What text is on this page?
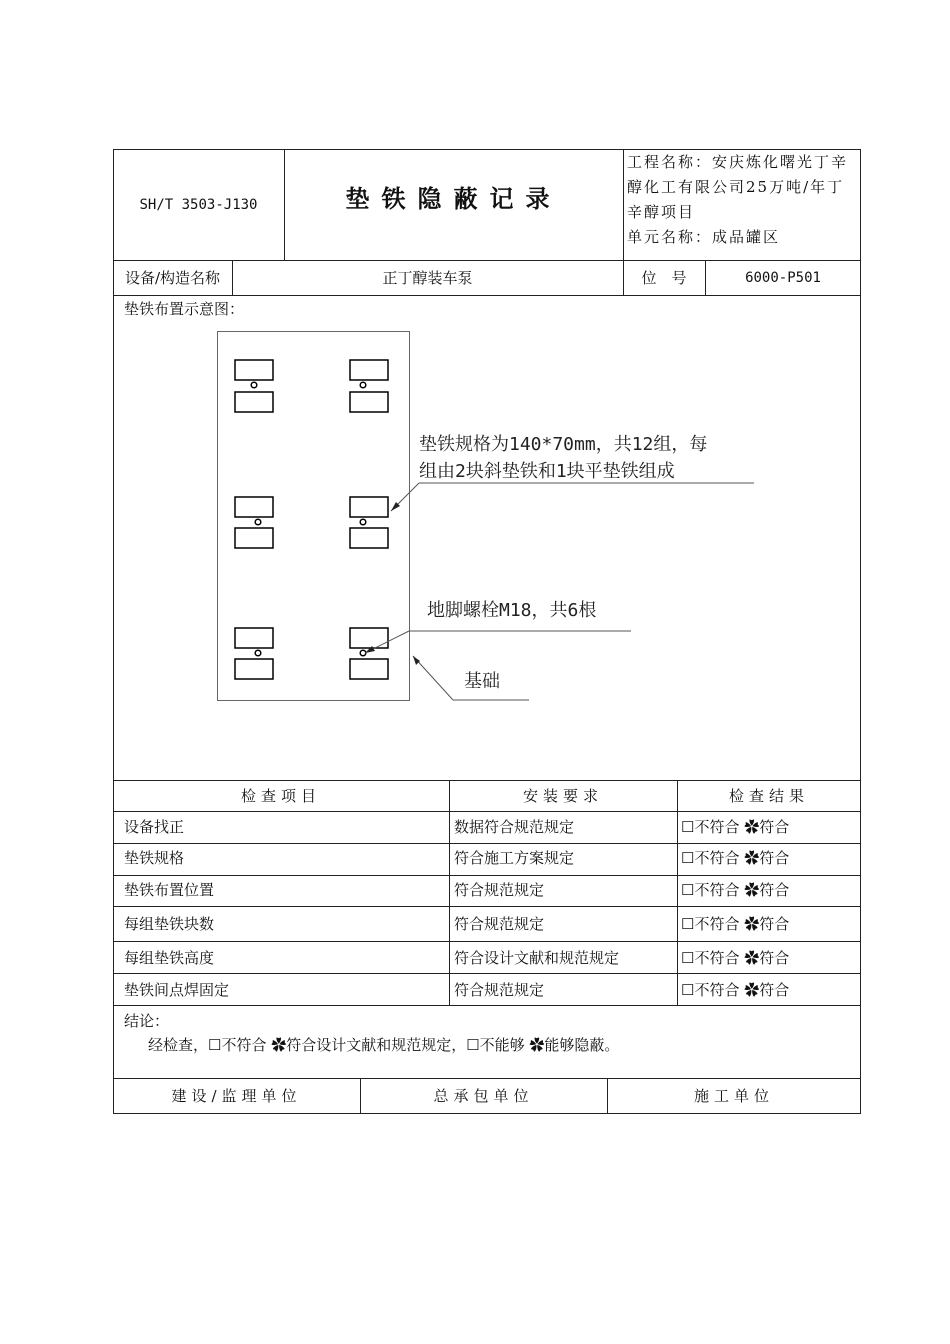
SH/T 3503-J130	垫铁隐蔽记录
工程名称：安庆炼化曙光丁辛
醇化工有限公司25万吨/年丁
辛醇项目
单元名称：成品罐区
设备/构造名称	正丁醇装车泵	位　号	6000-P501
垫铁布置示意图：
垫铁规格为140*70mm，共12组，每
组由2块斜垫铁和1块平垫铁组成
地脚螺栓M18，共6根
基础
检查项目	安装要求	检查结果
设备找正	数据符合规范规定	☐不符合 ✿符合
垫铁规格	符合施工方案规定	☐不符合 ✿符合
垫铁布置位置	符合规范规定	☐不符合 ✿符合
每组垫铁块数	符合规范规定	☐不符合 ✿符合
每组垫铁高度	符合设计文献和规范规定	☐不符合 ✿符合
垫铁间点焊固定	符合规范规定	☐不符合 ✿符合
结论：
经检查，☐不符合 ✿符合设计文献和规范规定，☐不能够 ✿能够隐蔽。
建设/监理单位	总承包单位	施工单位
